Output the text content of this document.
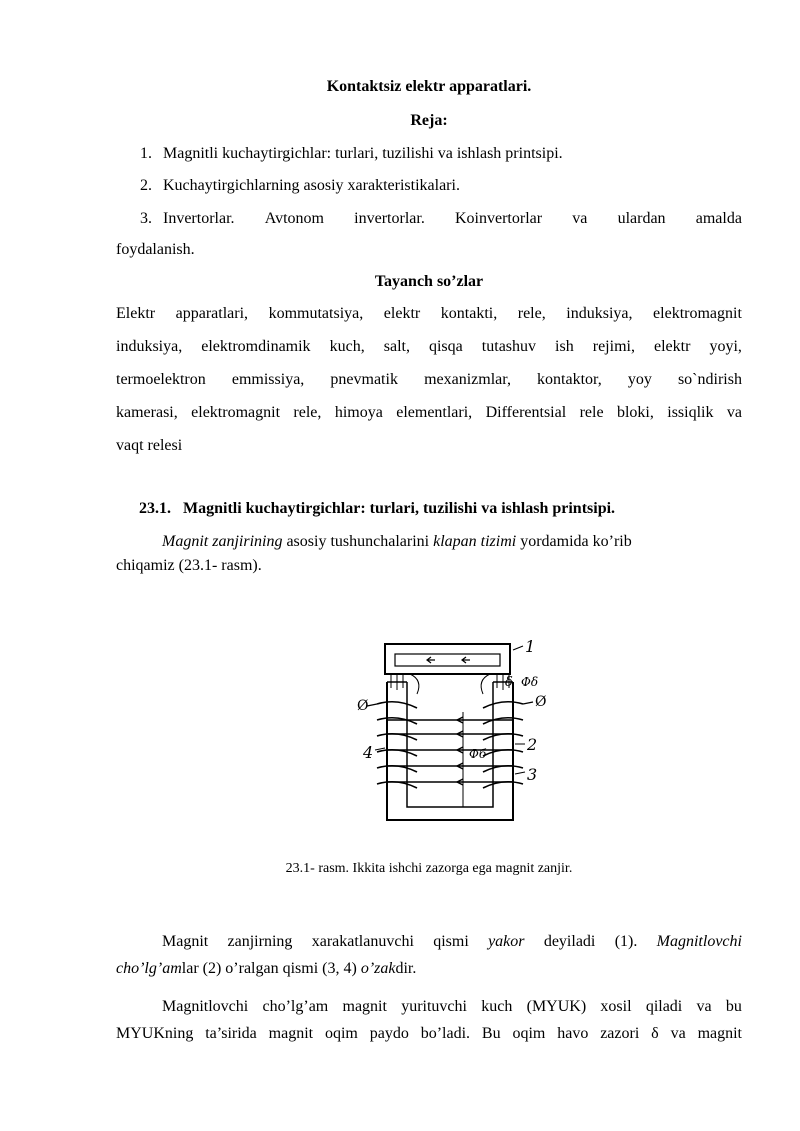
Kontaktsiz elektr apparatlari.
Reja:
1. Magnitli kuchaytirgichlar: turlari, tuzilishi va ishlash printsipi.
2. Kuchaytirgichlarning asosiy xarakteristikalari.
3. Invertorlar. Avtonom invertorlar. Koinvertorlar va ulardan amalda
foydalanish.
Tayanch so’zlar
Elektr apparatlari, kommutatsiya, elektr kontakti, rele, induksiya, elektromagnit
induksiya, elektromdinamik kuch, salt, qisqa tutashuv ish rejimi, elektr yoyi,
termoelektron emmissiya, pnevmatik mexanizmlar, kontaktor, yoy so`ndirish
kamerasi, elektromagnit rele, himoya elementlari, Differentsial rele bloki, issiqlik va
vaqt relesi
23.1. Magnitli kuchaytirgichlar: turlari, tuzilishi va ishlash printsipi.
Magnit zanjirining asosiy tushunchalarini klapan tizimi yordamida ko’rib
chiqamiz (23.1- rasm).
1
2
3
4
δ Φδ
Φб
Ø	Ø
23.1- rasm. Ikkita ishchi zazorga ega magnit zanjir.
Magnit zanjirning xarakatlanuvchi qismi yakor deyiladi (1). Magnitlovchi
cho’lg’amlar (2) o’ralgan qismi (3, 4) o’zakdir.
Magnitlovchi cho’lg’am magnit yurituvchi kuch (MYUK) xosil qiladi va bu
MYUKning ta’sirida magnit oqim paydo bo’ladi. Bu oqim havo zazori δ va magnit
